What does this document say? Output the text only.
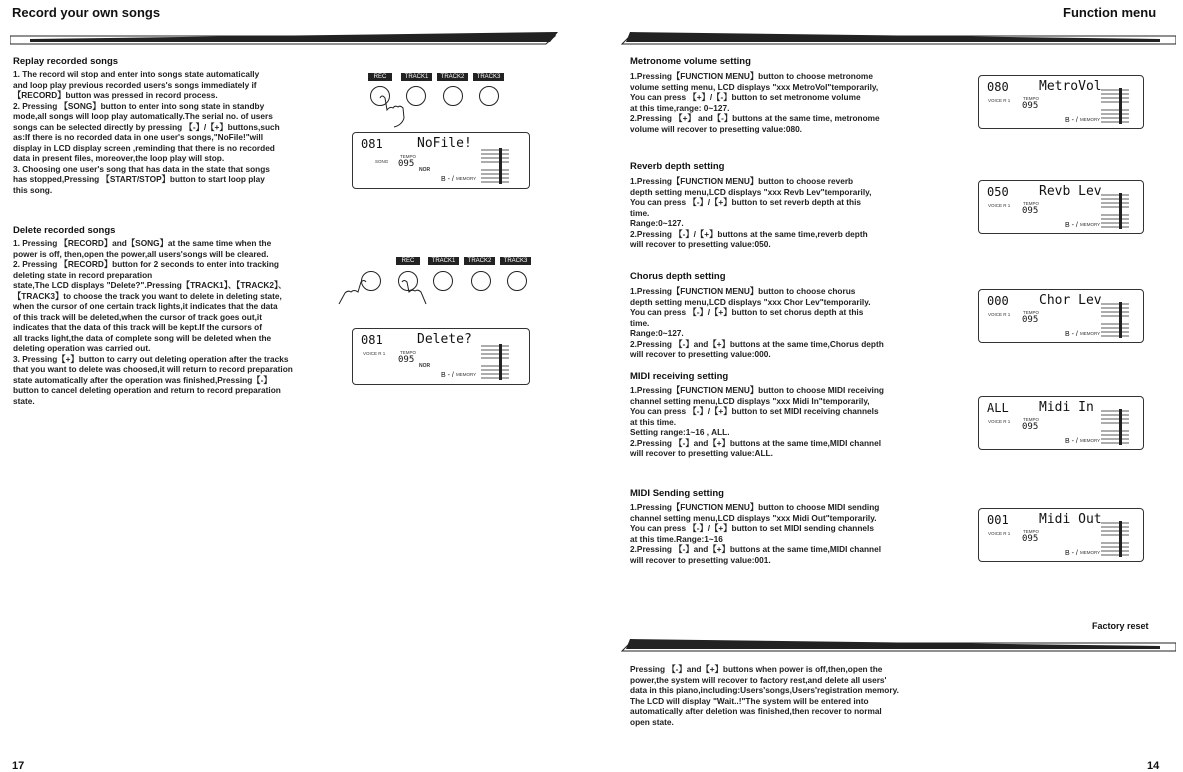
Record your own songs
Replay recorded songs
1. The record wil stop and enter into songs state automatically
and loop play previous recorded users's songs immediately if
【RECORD】button was pressed in record process.
2. Pressing 【SONG】button to enter into song state in standby
mode,all songs will loop play automatically.The serial no. of users
songs can be selected directly by pressing 【-】/【+】buttons,such
as:If there is no recorded data in one user's songs,"NoFile!"will
display in LCD display screen ,reminding that there is no recorded
data in present files, moreover,the loop play will stop.
3. Choosing one user's song that has data in the state that songs
has stopped,Pressing 【START/STOP】button to start loop play
this song.
REC	TRACK1	TRACK2	TRACK3
081	NoFile!
SONG
TEMPO
095
NOR
B - / MEMORY
Delete recorded songs
1. Pressing 【RECORD】and【SONG】at the same time when the
power is off, then,open the power,all users'songs will be cleared.
2. Pressing 【RECORD】button for 2 seconds to enter into tracking
deleting state in record preparation
state,The LCD displays "Delete?".Pressing【TRACK1】、【TRACK2】、
【TRACK3】to choose the track you want to delete in deleting state,
when the cursor of one certain track lights,it indicates that the data
of this track will be deleted,when the cursor of track goes out,it
indicates that the data of this track will be kept.If the cursors of
all tracks light,the data of complete song will be deleted when the
deleting operation was carried out.
3. Pressing【+】button to carry out deleting operation after the tracks
that you want to delete was choosed,it will return to record preparation
state automatically after the operation was finished,Pressing【-】
button to cancel deleting operation and return to record preparation
state.
REC	TRACK1	TRACK2	TRACK3
081	Delete?
VOICE R 1	TEMPO
095
NOR
B - / MEMORY
17
Function menu
Metronome volume setting
1.Pressing【FUNCTION MENU】button to choose metronome
volume setting menu, LCD displays "xxx MetroVol"temporarily,
You can press 【+】/【-】button to set metronome volume
at this time,range: 0~127.
2.Pressing 【+】 and【-】buttons at the same time, metronome
volume will recover to presetting value:080.
Reverb depth setting
1.Pressing【FUNCTION MENU】button to choose reverb
depth setting menu,LCD displays "xxx Revb Lev"temporarily,
You can press 【-】/【+】button to set reverb depth at this
time.
Range:0~127.
2.Pressing 【-】/【+】buttons at the same time,reverb depth
will recover to presetting value:050.
Chorus depth setting
1.Pressing【FUNCTION MENU】button to choose chorus
depth setting menu,LCD displays "xxx Chor Lev"temporarily.
You can press 【-】/【+】button to set chorus depth at this
time.
Range:0~127.
2.Pressing 【-】and【+】buttons at the same time,Chorus depth
will recover to presetting value:000.
MIDI receiving setting
1.Pressing【FUNCTION MENU】button to choose MIDI receiving
channel setting menu,LCD displays "xxx Midi In"temporarily,
You can press 【-】/【+】button to set MIDI receiving channels
at this time.
Setting range:1~16 , ALL.
2.Pressing 【-】and【+】buttons at the same time,MIDI channel
will recover to presetting value:ALL.
MIDI Sending setting
1.Pressing【FUNCTION MENU】button to choose MIDI sending
channel setting menu,LCD displays "xxx Midi Out"temporarily.
You can press 【-】/【+】button to set MIDI sending channels
at this time.Range:1~16
2.Pressing 【-】and【+】buttons at the same time,MIDI channel
will recover to presetting value:001.
080 MetroVol
VOICE R 1	TEMPO
095
B - / MEMORY
050 Revb Lev
VOICE R 1	TEMPO
095
B - / MEMORY
000 Chor Lev
VOICE R 1	TEMPO
095
B - / MEMORY
ALL Midi In
VOICE R 1	TEMPO
095
B - / MEMORY
001 Midi Out
VOICE R 1	TEMPO
095
B - / MEMORY
Factory reset
Pressing 【-】and【+】buttons when power is off,then,open the
power,the system will recover to factory rest,and delete all users'
data in this piano,including:Users'songs,Users'registration memory.
The LCD will display "Wait..!"The system will be entered into
automatically after deletion was finished,then recover to normal
open state.
14
